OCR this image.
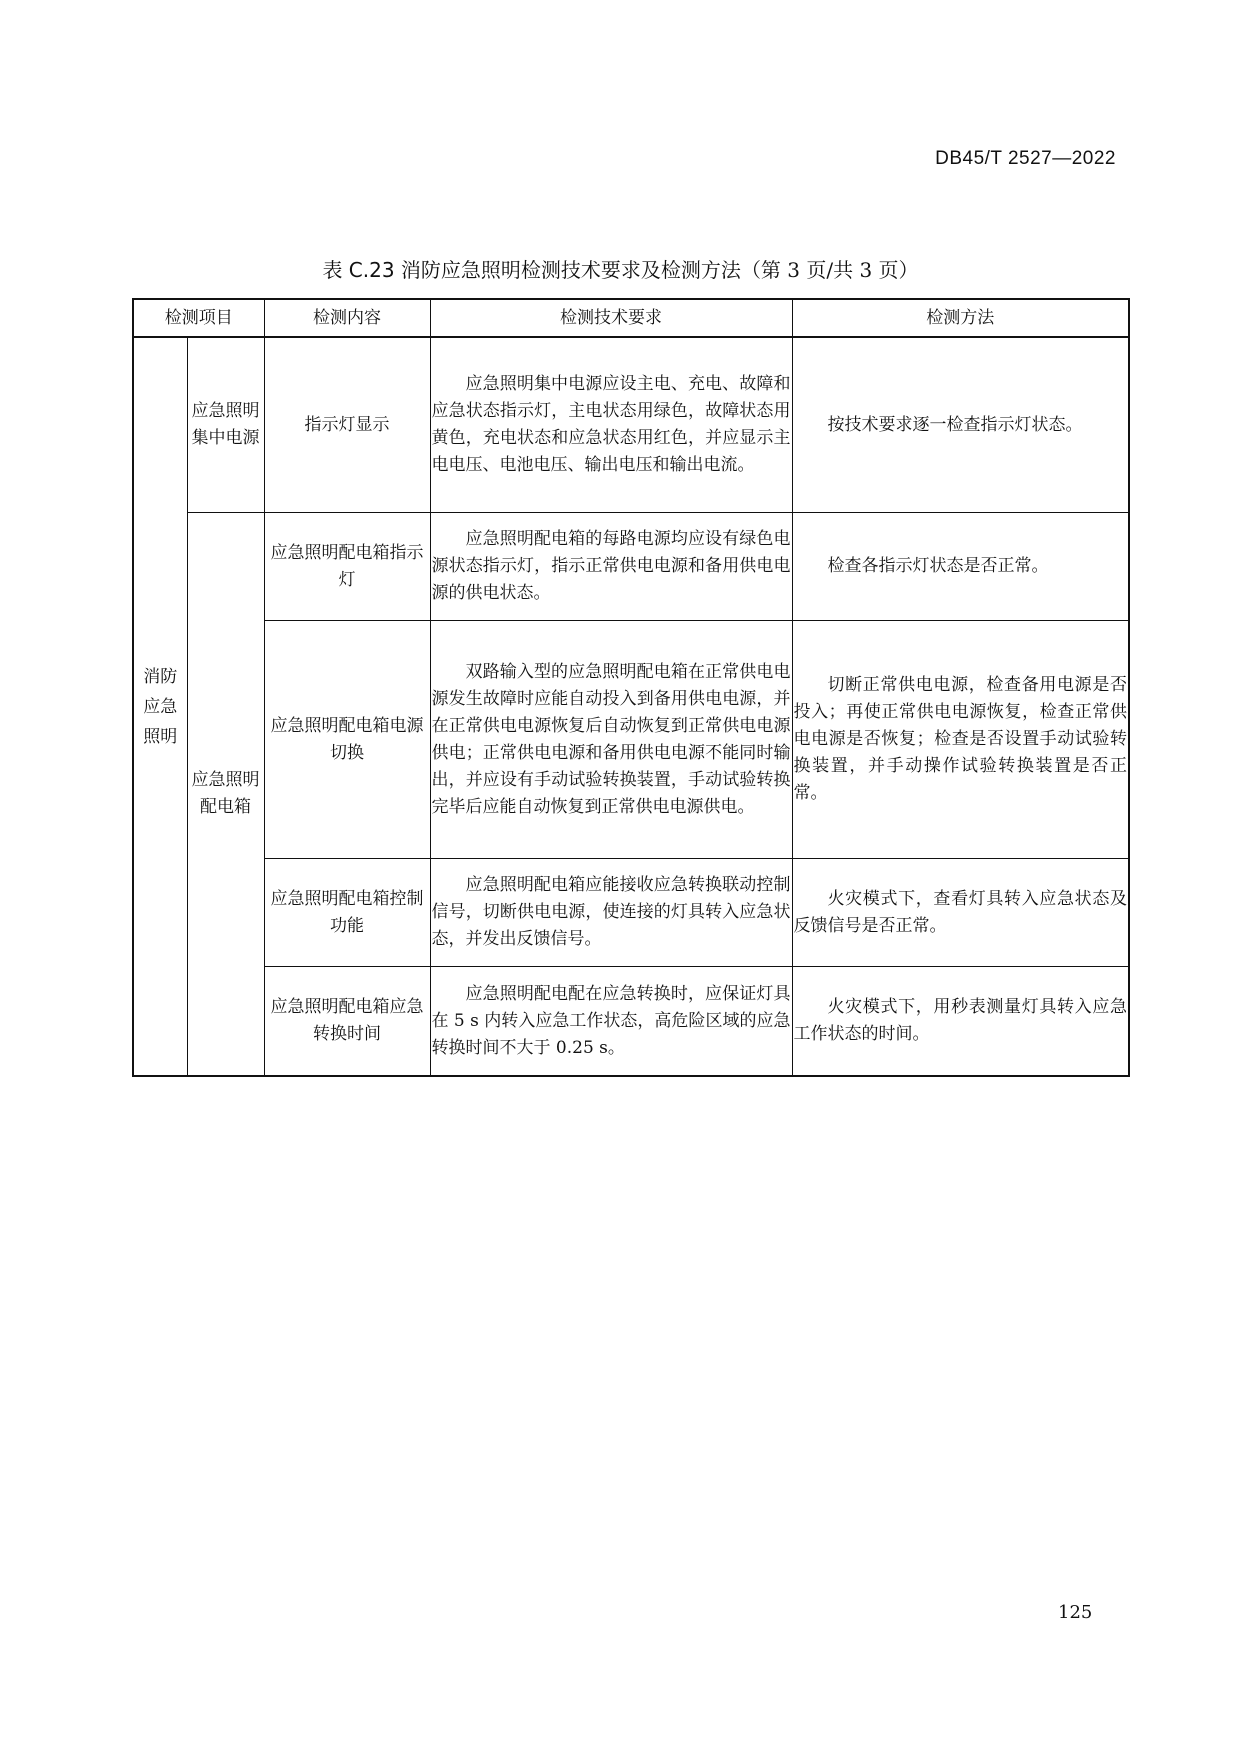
DB45/T 2527—2022
表 C.23 消防应急照明检测技术要求及检测方法（第 3 页/共 3 页）
检测项目		检测内容	检测技术要求	检测方法
消防应急照明	应急照明集中电源	指示灯显示	应急照明集中电源应设主电、充电、故障和应急状态指示灯，主电状态用绿色，故障状态用黄色，充电状态和应急状态用红色，并应显示主电电压、电池电压、输出电压和输出电流。	按技术要求逐一检查指示灯状态。
	应急照明配电箱	应急照明配电箱指示灯	应急照明配电箱的每路电源均应设有绿色电源状态指示灯，指示正常供电电源和备用供电电源的供电状态。	检查各指示灯状态是否正常。
		应急照明配电箱电源切换	双路输入型的应急照明配电箱在正常供电电源发生故障时应能自动投入到备用供电电源，并在正常供电电源恢复后自动恢复到正常供电电源供电；正常供电电源和备用供电电源不能同时输出，并应设有手动试验转换装置，手动试验转换完毕后应能自动恢复到正常供电电源供电。	切断正常供电电源，检查备用电源是否投入；再使正常供电电源恢复，检查正常供电电源是否恢复；检查是否设置手动试验转换装置，并手动操作试验转换装置是否正常。
		应急照明配电箱控制功能	应急照明配电箱应能接收应急转换联动控制信号，切断供电电源，使连接的灯具转入应急状态，并发出反馈信号。	火灾模式下，查看灯具转入应急状态及反馈信号是否正常。
		应急照明配电箱应急转换时间	应急照明配电配在应急转换时，应保证灯具在 5 s 内转入应急工作状态，高危险区域的应急转换时间不大于 0.25 s。	火灾模式下，用秒表测量灯具转入应急工作状态的时间。
125
